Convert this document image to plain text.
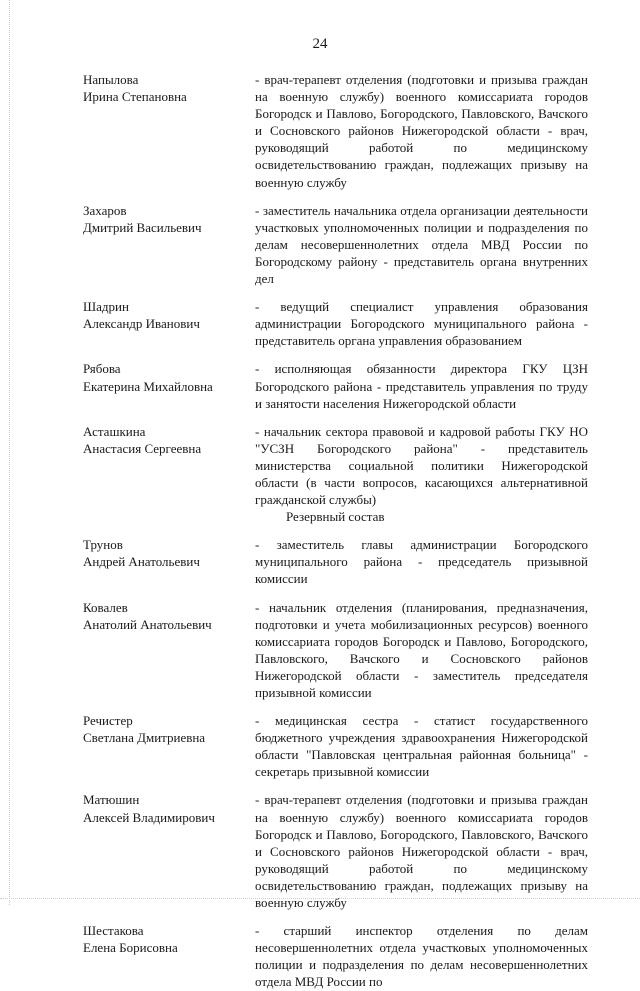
24
Напылова
Ирина Степановна
- врач-терапевт отделения (подготовки и призыва граждан на военную службу) военного комиссариата городов Богородск и Павлово, Богородского, Павловского, Вачского и Сосновского районов Нижегородской области - врач, руководящий работой по медицинскому освидетельствованию граждан, подлежащих призыву на военную службу
Захаров
Дмитрий Васильевич
- заместитель начальника отдела организации деятельности участковых уполномоченных полиции и подразделения по делам несовершеннолетних отдела МВД России по Богородскому району - представитель органа внутренних дел
Шадрин
Александр Иванович
- ведущий специалист управления образования администрации Богородского муниципального района - представитель органа управления образованием
Рябова
Екатерина Михайловна
- исполняющая обязанности директора ГКУ ЦЗН Богородского района - представитель управления по труду и занятости населения Нижегородской области
Асташкина
Анастасия Сергеевна
- начальник сектора правовой и кадровой работы ГКУ НО "УСЗН Богородского района" - представитель министерства социальной политики Нижегородской области (в части вопросов, касающихся альтернативной гражданской службы)
Резервный состав
Трунов
Андрей Анатольевич
- заместитель главы администрации Богородского муниципального района - председатель призывной комиссии
Ковалев
Анатолий Анатольевич
- начальник отделения (планирования, предназначения, подготовки и учета мобилизационных ресурсов) военного комиссариата городов Богородск и Павлово, Богородского, Павловского, Вачского и Сосновского районов Нижегородской области - заместитель председателя призывной комиссии
Речистер
Светлана Дмитриевна
- медицинская сестра - статист государственного бюджетного учреждения здравоохранения Нижегородской области "Павловская центральная районная больница" - секретарь призывной комиссии
Матюшин
Алексей Владимирович
- врач-терапевт отделения (подготовки и призыва граждан на военную службу) военного комиссариата городов Богородск и Павлово, Богородского, Павловского, Вачского и Сосновского районов Нижегородской области - врач, руководящий работой по медицинскому освидетельствованию граждан, подлежащих призыву на военную службу
Шестакова
Елена Борисовна
- старший инспектор отделения по делам несовершеннолетних отдела участковых уполномоченных полиции и подразделения по делам несовершеннолетних отдела МВД России по
